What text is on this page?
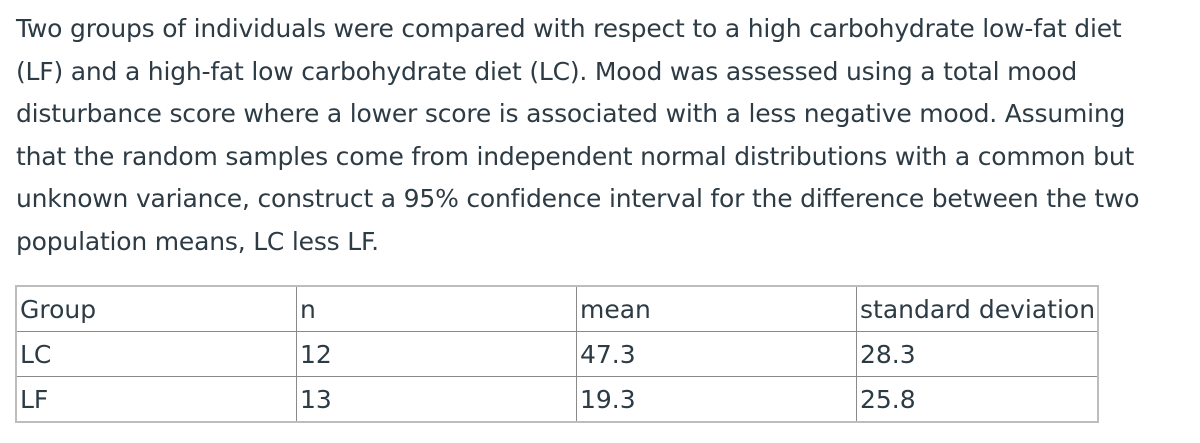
Two groups of individuals were compared with respect to a high carbohydrate low-fat diet (LF) and a high-fat low carbohydrate diet (LC). Mood was assessed using a total mood disturbance score where a lower score is associated with a less negative mood. Assuming that the random samples come from independent normal distributions with a common but unknown variance, construct a 95% confidence interval for the difference between the two population means, LC less LF.
Group	n	mean	standard deviation
LC	12	47.3	28.3
LF	13	19.3	25.8
